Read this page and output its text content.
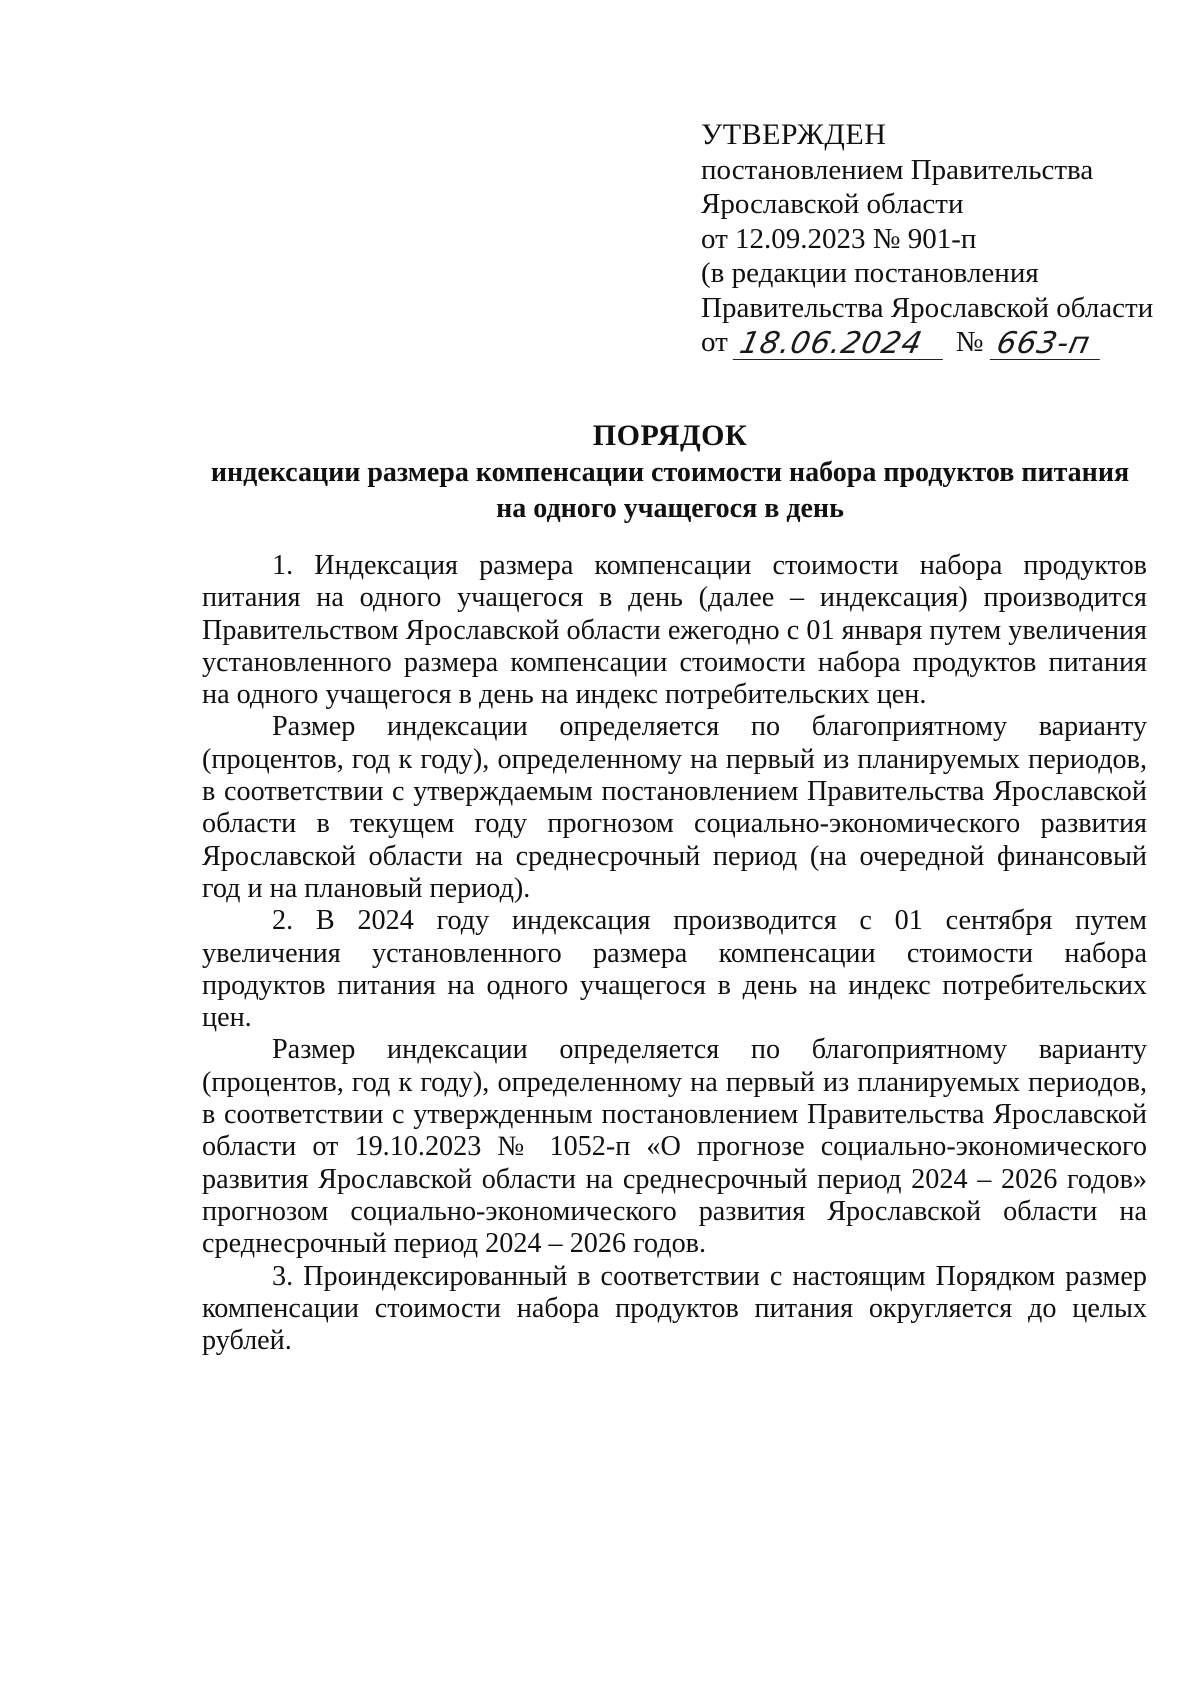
УТВЕРЖДЕН
постановлением Правительства
Ярославской области
от 12.09.2023 № 901-п
(в редакции постановления
Правительства Ярославской области
от 18.06.2024	№ 663-п
ПОРЯДОК
индексации размера компенсации стоимости набора продуктов питания
на одного учащегося в день

1. Индексация размера компенсации стоимости набора продуктов питания на одного учащегося в день (далее – индексация) производится Правительством Ярославской области ежегодно с 01 января путем увеличения установленного размера компенсации стоимости набора продуктов питания на одного учащегося в день на индекс потребительских цен.

Размер индексации определяется по благоприятному варианту (процентов, год к году), определенному на первый из планируемых периодов, в соответствии с утверждаемым постановлением Правительства Ярославской области в текущем году прогнозом социально-экономического развития Ярославской области на среднесрочный период (на очередной финансовый год и на плановый период).

2. В 2024 году индексация производится с 01 сентября путем увеличения установленного размера компенсации стоимости набора продуктов питания на одного учащегося в день на индекс потребительских цен.

Размер индексации определяется по благоприятному варианту (процентов, год к году), определенному на первый из планируемых периодов, в соответствии с утвержденным постановлением Правительства Ярославской области от 19.10.2023 № 1052-п «О прогнозе социально-экономического развития Ярославской области на среднесрочный период 2024 – 2026 годов» прогнозом социально-экономического развития Ярославской области на среднесрочный период 2024 – 2026 годов.

3. Проиндексированный в соответствии с настоящим Порядком размер компенсации стоимости набора продуктов питания округляется до целых рублей.
